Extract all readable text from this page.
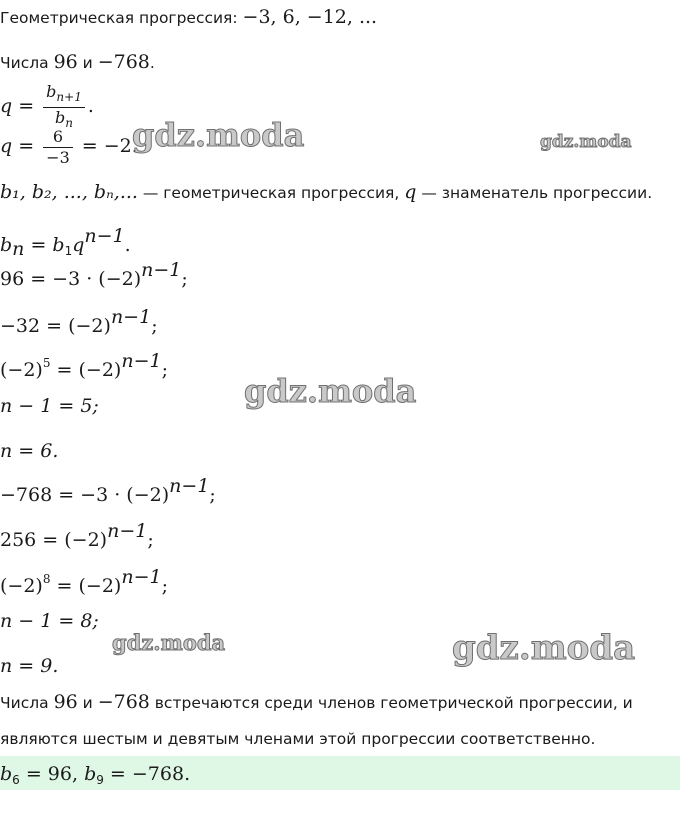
Геометрическая прогрессия: −3, 6, −12, ...
Числа 96 и −768.
$q = \frac{b_{n+1}}{b_n}$ .
$q = \frac{6}{-3} = -2$.
b₁, b₂, ..., bₙ,... — геометрическая прогрессия, q — знаменатель прогрессии.
$b_n = b_1q^{n-1}$.
$96 = -3 \cdot (-2)^{n-1}$;
$-32 = (-2)^{n-1}$;
$(-2)^5 = (-2)^{n-1}$;
n − 1 = 5;
n = 6.
$-768 = -3 \cdot (-2)^{n-1}$;
$256 = (-2)^{n-1}$;
$(-2)^8 = (-2)^{n-1}$;
n − 1 = 8;
n = 9.
Числа 96 и −768 встречаются среди членов геометрической прогрессии, и
являются шестым и девятым членами этой прогрессии соответственно.
$b_6 = 96$, $b_9 = -768$.
gdz.moda	gdz.moda
gdz.moda
gdz.moda	gdz.moda
